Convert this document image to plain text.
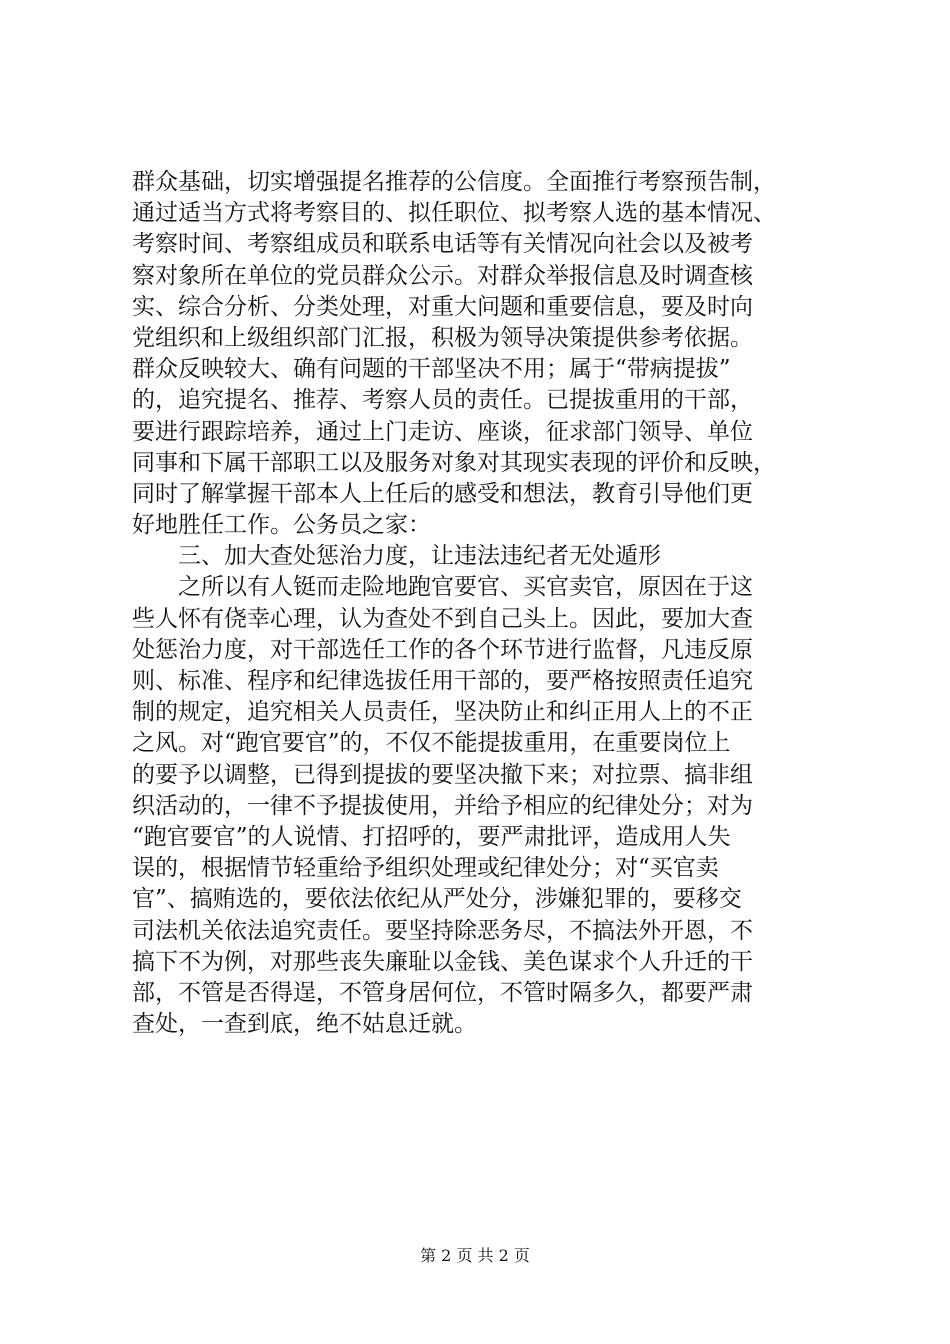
群众基础，切实增强提名推荐的公信度。全面推行考察预告制，
通过适当方式将考察目的、拟任职位、拟考察人选的基本情况、
考察时间、考察组成员和联系电话等有关情况向社会以及被考
察对象所在单位的党员群众公示。对群众举报信息及时调查核
实、综合分析、分类处理，对重大问题和重要信息，要及时向
党组织和上级组织部门汇报，积极为领导决策提供参考依据。
群众反映较大、确有问题的干部坚决不用；属于“带病提拔”
的，追究提名、推荐、考察人员的责任。已提拔重用的干部，
要进行跟踪培养，通过上门走访、座谈，征求部门领导、单位
同事和下属干部职工以及服务对象对其现实表现的评价和反映，
同时了解掌握干部本人上任后的感受和想法，教育引导他们更
好地胜任工作。公务员之家：
　　三、加大查处惩治力度，让违法违纪者无处遁形
　　之所以有人铤而走险地跑官要官、买官卖官，原因在于这
些人怀有侥幸心理，认为查处不到自己头上。因此，要加大查
处惩治力度，对干部选任工作的各个环节进行监督，凡违反原
则、标准、程序和纪律选拔任用干部的，要严格按照责任追究
制的规定，追究相关人员责任，坚决防止和纠正用人上的不正
之风。对“跑官要官”的，不仅不能提拔重用，在重要岗位上
的要予以调整，已得到提拔的要坚决撤下来；对拉票、搞非组
织活动的，一律不予提拔使用，并给予相应的纪律处分；对为
“跑官要官”的人说情、打招呼的，要严肃批评，造成用人失
误的，根据情节轻重给予组织处理或纪律处分；对“买官卖
官”、搞贿选的，要依法依纪从严处分，涉嫌犯罪的，要移交
司法机关依法追究责任。要坚持除恶务尽，不搞法外开恩，不
搞下不为例，对那些丧失廉耻以金钱、美色谋求个人升迁的干
部，不管是否得逞，不管身居何位，不管时隔多久，都要严肃
查处，一查到底，绝不姑息迁就。
第 2 页 共 2 页
